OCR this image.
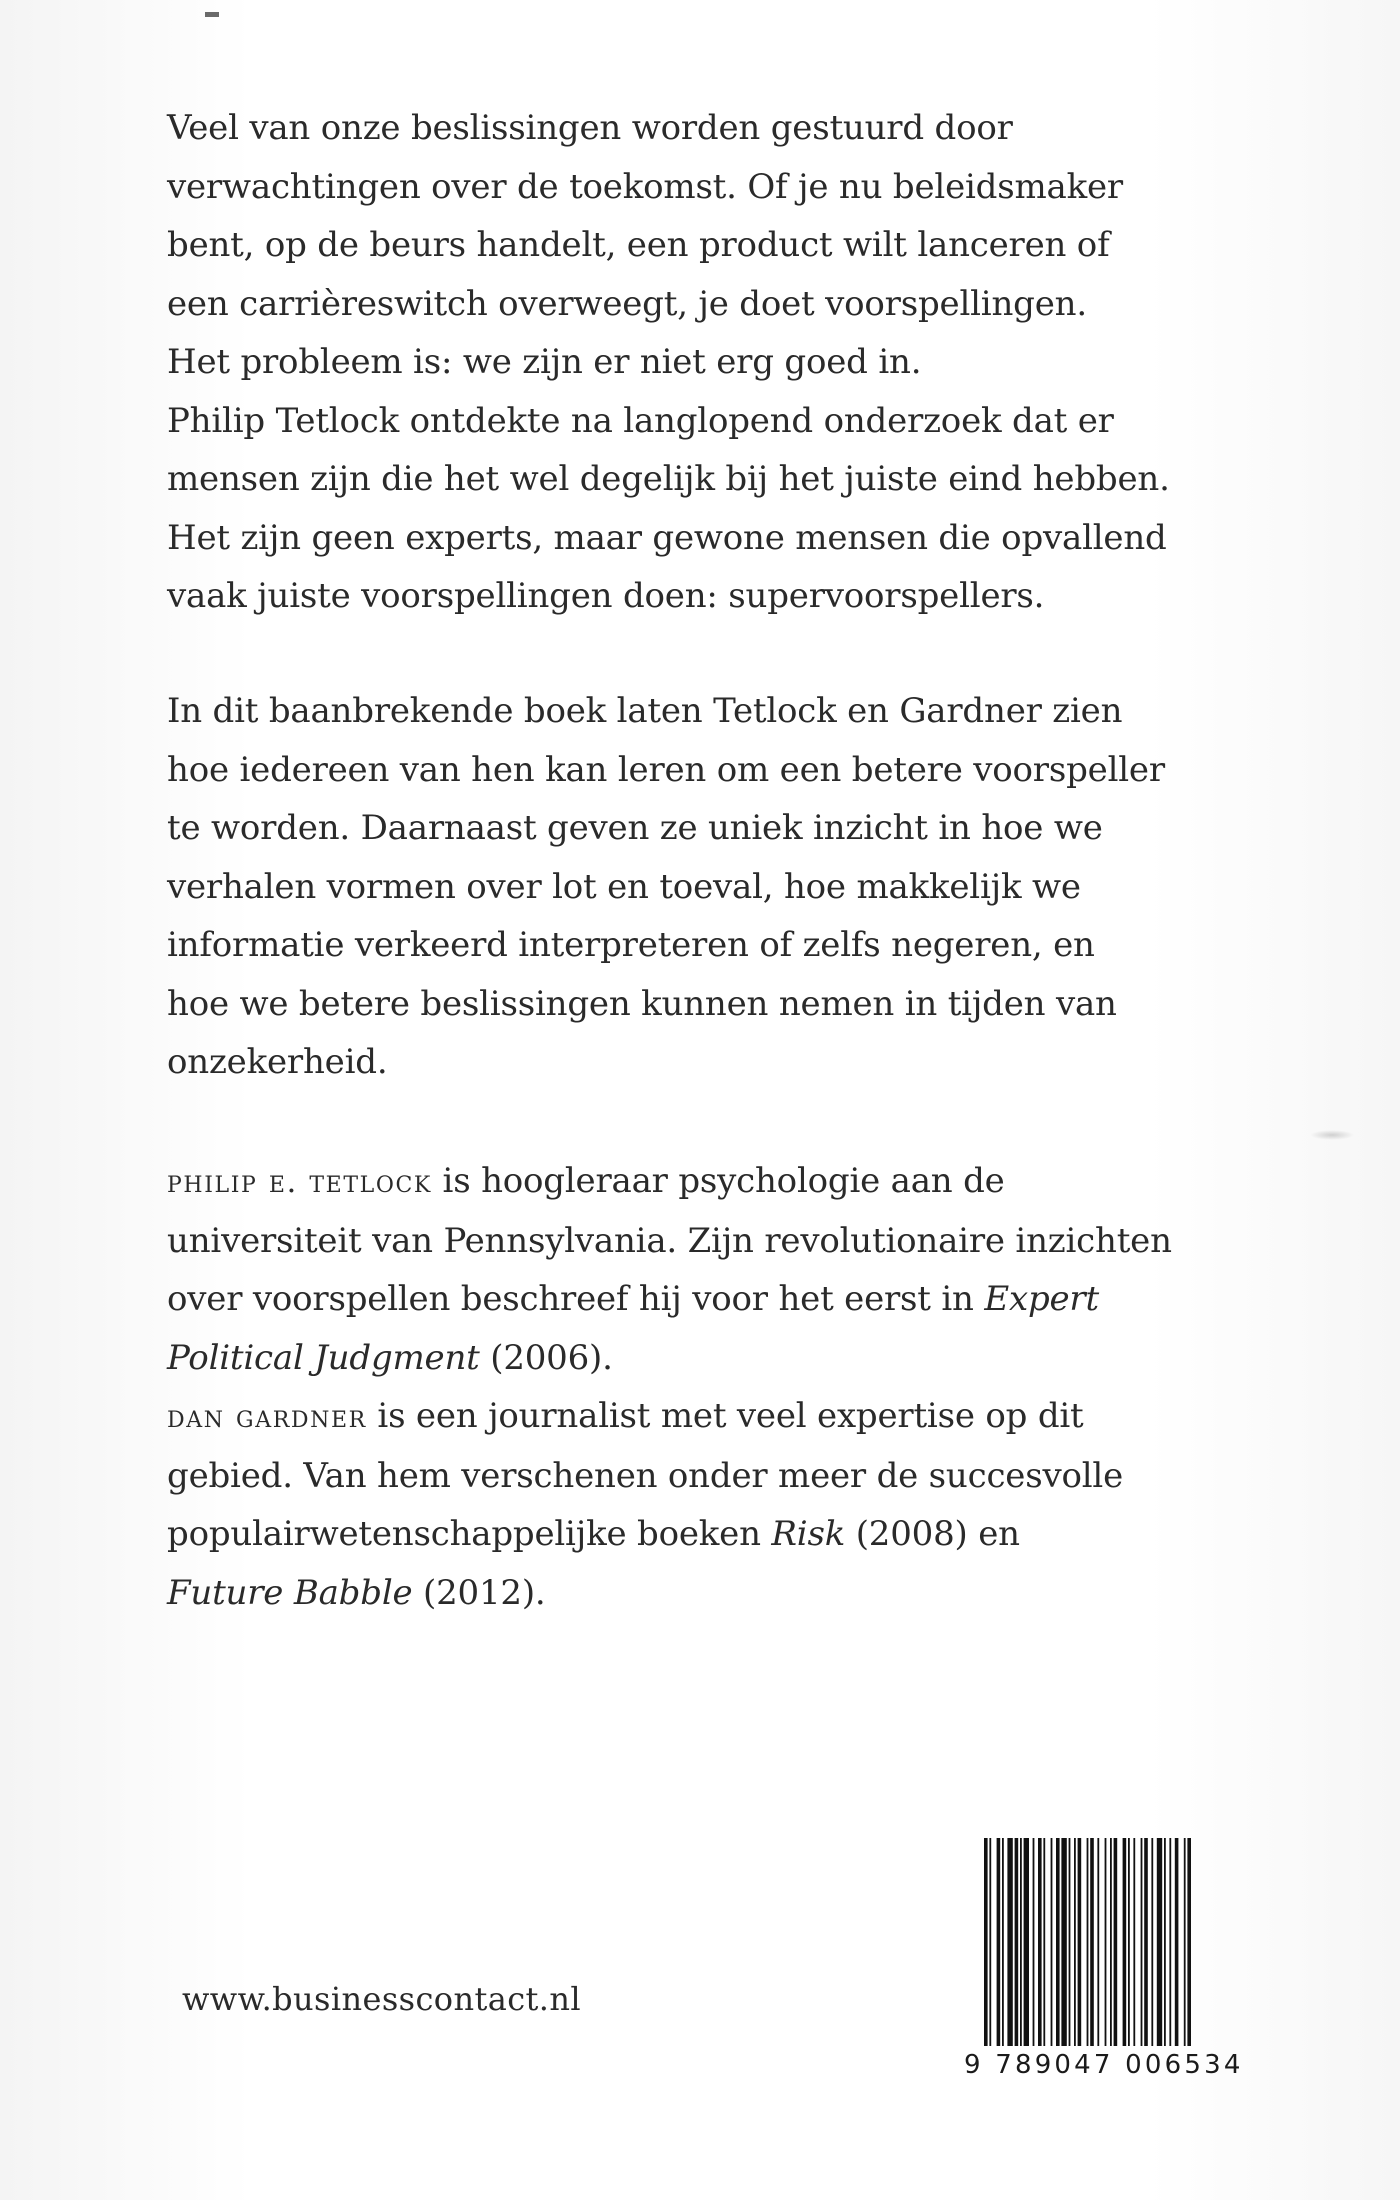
Veel van onze beslissingen worden gestuurd door

verwachtingen over de toekomst. Of je nu beleidsmaker

bent, op de beurs handelt, een product wilt lanceren of

een carrièreswitch overweegt, je doet voorspellingen.

Het probleem is: we zijn er niet erg goed in.

Philip Tetlock ontdekte na langlopend onderzoek dat er

mensen zijn die het wel degelijk bij het juiste eind hebben.

Het zijn geen experts, maar gewone mensen die opvallend

vaak juiste voorspellingen doen: supervoorspellers.

In dit baanbrekende boek laten Tetlock en Gardner zien

hoe iedereen van hen kan leren om een betere voorspeller

te worden. Daarnaast geven ze uniek inzicht in hoe we

verhalen vormen over lot en toeval, hoe makkelijk we

informatie verkeerd interpreteren of zelfs negeren, en

hoe we betere beslissingen kunnen nemen in tijden van

onzekerheid.

philip e. tetlock is hoogleraar psychologie aan de

universiteit van Pennsylvania. Zijn revolutionaire inzichten

over voorspellen beschreef hij voor het eerst in Expert

Political Judgment (2006).

dan gardner is een journalist met veel expertise op dit

gebied. Van hem verschenen onder meer de succesvolle

populairwetenschappelijke boeken Risk (2008) en

Future Babble (2012).

www.businesscontact.nl
9 789047 006534
